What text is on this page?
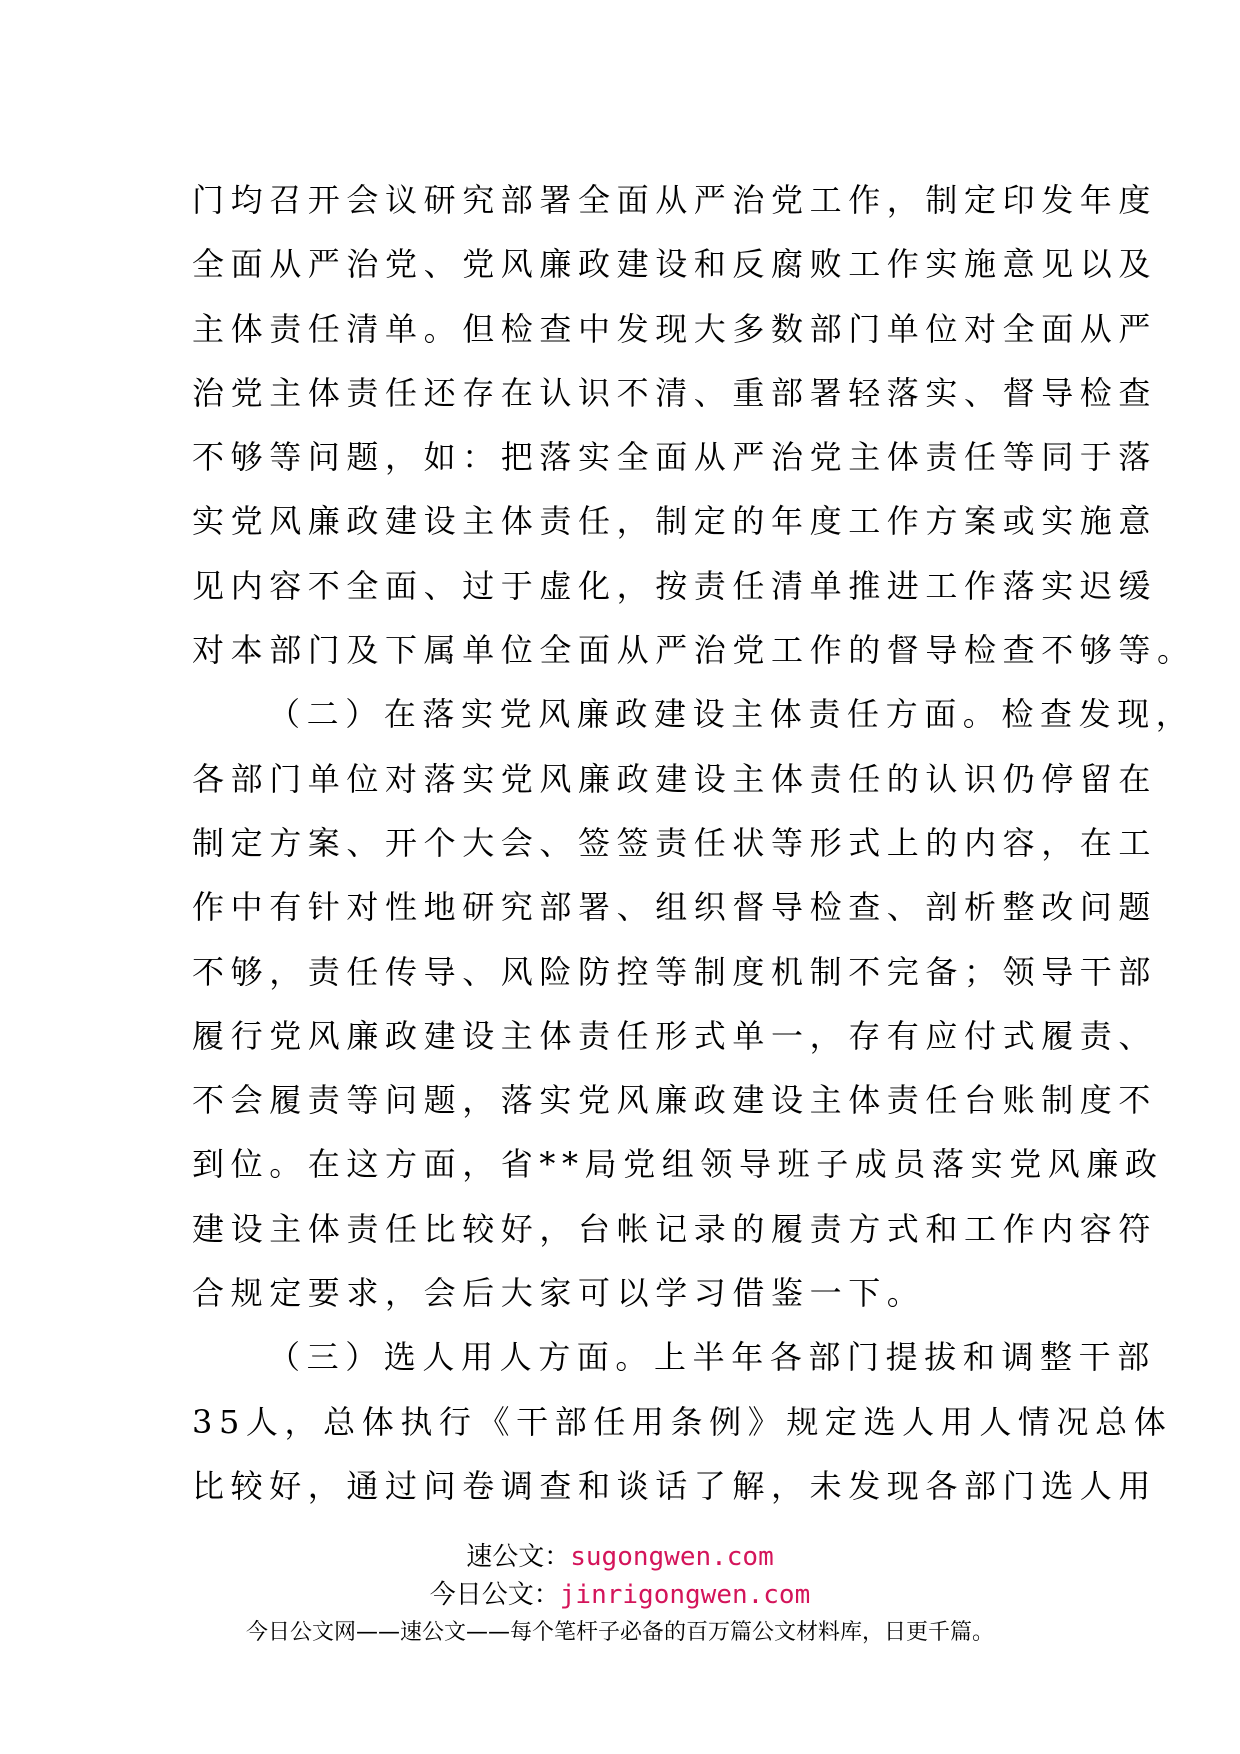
门均召开会议研究部署全面从严治党工作，制定印发年度
全面从严治党、党风廉政建设和反腐败工作实施意见以及
主体责任清单。但检查中发现大多数部门单位对全面从严
治党主体责任还存在认识不清、重部署轻落实、督导检查
不够等问题，如：把落实全面从严治党主体责任等同于落
实党风廉政建设主体责任，制定的年度工作方案或实施意
见内容不全面、过于虚化，按责任清单推进工作落实迟缓
对本部门及下属单位全面从严治党工作的督导检查不够等。
（二）在落实党风廉政建设主体责任方面。检查发现，
各部门单位对落实党风廉政建设主体责任的认识仍停留在
制定方案、开个大会、签签责任状等形式上的内容，在工
作中有针对性地研究部署、组织督导检查、剖析整改问题
不够，责任传导、风险防控等制度机制不完备；领导干部
履行党风廉政建设主体责任形式单一，存有应付式履责、
不会履责等问题，落实党风廉政建设主体责任台账制度不
到位。在这方面，省**局党组领导班子成员落实党风廉政
建设主体责任比较好，台帐记录的履责方式和工作内容符
合规定要求，会后大家可以学习借鉴一下。
（三）选人用人方面。上半年各部门提拔和调整干部
35人，总体执行《干部任用条例》规定选人用人情况总体
比较好，通过问卷调查和谈话了解，未发现各部门选人用
速公文：sugongwen.com
今日公文：jinrigongwen.com
今日公文网——速公文——每个笔杆子必备的百万篇公文材料库，日更千篇。
